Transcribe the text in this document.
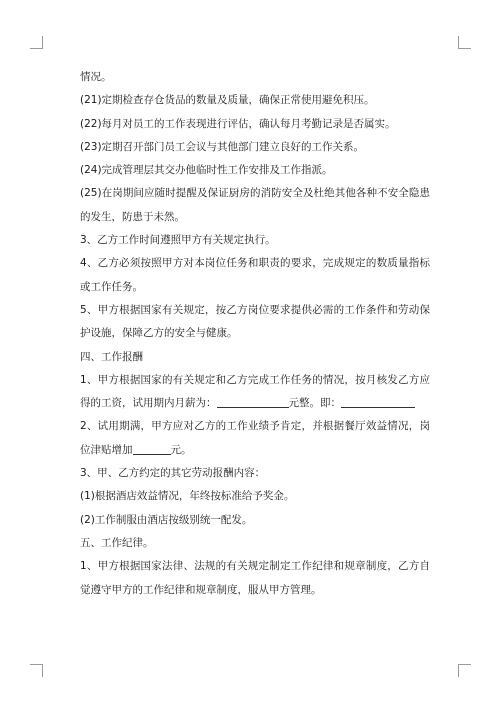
情况。

(21)定期检查存仓货品的数量及质量，确保正常使用避免积压。

(22)每月对员工的工作表现进行评估，确认每月考勤记录是否属实。

(23)定期召开部门员工会议与其他部门建立良好的工作关系。

(24)完成管理层其交办他临时性工作安排及工作指派。

(25)在岗期间应随时提醒及保证厨房的消防安全及杜绝其他各种不安全隐患的发生，防患于未然。

3、乙方工作时间遵照甲方有关规定执行。

4、乙方必须按照甲方对本岗位任务和职责的要求，完成规定的数质量指标或工作任务。

5、甲方根据国家有关规定，按乙方岗位要求提供必需的工作条件和劳动保护设施，保障乙方的安全与健康。

四、工作报酬

1、甲方根据国家的有关规定和乙方完成工作任务的情况，按月核发乙方应得的工资，试用期内月薪为：	元整。即：

2、试用期满，甲方应对乙方的工作业绩予肯定，并根据餐厅效益情况，岗位津贴增加	元。

3、甲、乙方约定的其它劳动报酬内容：

(1)根据酒店效益情况，年终按标准给予奖金。

(2)工作制服由酒店按级别统一配发。

五、工作纪律。

1、甲方根据国家法律、法规的有关规定制定工作纪律和规章制度，乙方自觉遵守甲方的工作纪律和规章制度，服从甲方管理。
